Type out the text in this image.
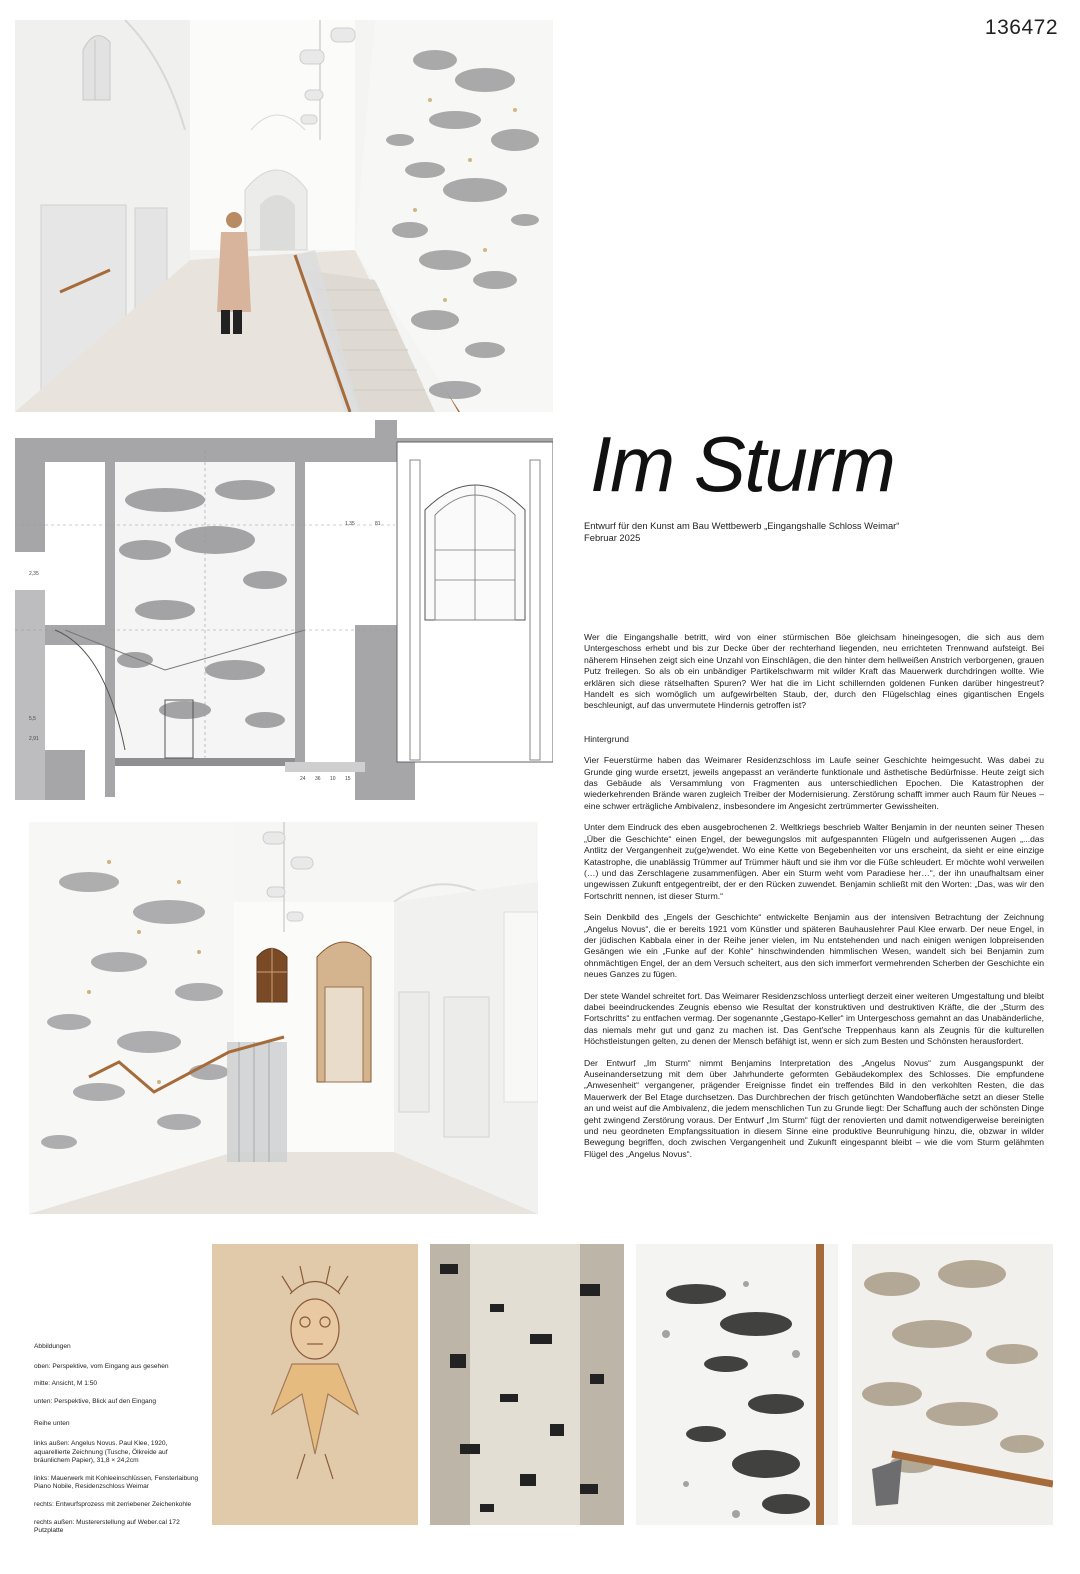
136472
1,35	81
2,35
5,5
2,91
24 36 10 15
Im Sturm
Entwurf für den Kunst am Bau Wettbewerb „Eingangshalle Schloss Weimar“
Februar 2025

Wer die Eingangshalle betritt, wird von einer stürmischen Böe gleichsam hineingesogen, die sich aus dem Untergeschoss erhebt und bis zur Decke über der rechterhand liegenden, neu errichteten Trennwand aufsteigt. Bei näherem Hinsehen zeigt sich eine Unzahl von Einschlägen, die den hinter dem hellweißen Anstrich verborgenen, grauen Putz freilegen. So als ob ein unbändiger Partikelschwarm mit wilder Kraft das Mauerwerk durchdringen wollte. Wie erklären sich diese rätselhaften Spuren? Wer hat die im Licht schillernden goldenen Funken darüber hingestreut? Handelt es sich womöglich um aufgewirbelten Staub, der, durch den Flügelschlag eines gigantischen Engels beschleunigt, auf das unvermutete Hindernis getroffen ist?

Hintergrund

Vier Feuerstürme haben das Weimarer Residenzschloss im Laufe seiner Geschichte heimgesucht. Was dabei zu Grunde ging wurde ersetzt, jeweils angepasst an veränderte funktionale und ästhetische Bedürfnisse. Heute zeigt sich das Gebäude als Versammlung von Fragmenten aus unterschiedlichen Epochen. Die Katastrophen der wiederkehrenden Brände waren zugleich Treiber der Modernisierung. Zerstörung schafft immer auch Raum für Neues – eine schwer erträgliche Ambivalenz, insbesondere im Angesicht zertrümmerter Gewissheiten.

Unter dem Eindruck des eben ausgebrochenen 2. Weltkriegs beschrieb Walter Benjamin in der neunten seiner Thesen „Über die Geschichte“ einen Engel, der bewegungslos mit aufgespannten Flügeln und aufgerissenen Augen „...das Antlitz der Vergangenheit zu(ge)wendet. Wo eine Kette von Begebenheiten vor uns erscheint, da sieht er eine einzige Katastrophe, die unablässig Trümmer auf Trümmer häuft und sie ihm vor die Füße schleudert. Er möchte wohl verweilen (…) und das Zerschlagene zusammenfügen. Aber ein Sturm weht vom Paradiese her…“, der ihn unaufhaltsam einer ungewissen Zukunft entgegentreibt, der er den Rücken zuwendet. Benjamin schließt mit den Worten: „Das, was wir den Fortschritt nennen, ist dieser Sturm.“

Sein Denkbild des „Engels der Geschichte“ entwickelte Benjamin aus der intensiven Betrachtung der Zeichnung „Angelus Novus“, die er bereits 1921 vom Künstler und späteren Bauhauslehrer Paul Klee erwarb. Der neue Engel, in der jüdischen Kabbala einer in der Reihe jener vielen, im Nu entstehenden und nach einigen wenigen lobpreisenden Gesängen wie ein „Funke auf der Kohle“ hinschwindenden himmlischen Wesen, wandelt sich bei Benjamin zum ohnmächtigen Engel, der an dem Versuch scheitert, aus den sich immerfort vermehrenden Scherben der Geschichte ein neues Ganzes zu fügen.

Der stete Wandel schreitet fort. Das Weimarer Residenzschloss unterliegt derzeit einer weiteren Umgestaltung und bleibt dabei beeindruckendes Zeugnis ebenso wie Resultat der konstruktiven und destruktiven Kräfte, die der „Sturm des Fortschritts“ zu entfachen vermag. Der sogenannte „Gestapo-Keller“ im Untergeschoss gemahnt an das Unabänderliche, das niemals mehr gut und ganz zu machen ist. Das Gent'sche Treppenhaus kann als Zeugnis für die kulturellen Höchstleistungen gelten, zu denen der Mensch befähigt ist, wenn er sich zum Besten und Schönsten herausfordert.

Der Entwurf „Im Sturm“ nimmt Benjamins Interpretation des „Angelus Novus“ zum Ausgangspunkt der Auseinandersetzung mit dem über Jahrhunderte geformten Gebäudekomplex des Schlosses. Die empfundene „Anwesenheit“ vergangener, prägender Ereignisse findet ein treffendes Bild in den verkohlten Resten, die das Mauerwerk der Bel Etage durchsetzen. Das Durchbrechen der frisch getünchten Wandoberfläche setzt an dieser Stelle an und weist auf die Ambivalenz, die jedem menschlichen Tun zu Grunde liegt: Der Schaffung auch der schönsten Dinge geht zwingend Zerstörung voraus. Der Entwurf „Im Sturm“ fügt der renovierten und damit notwendigerweise bereinigten und neu geordneten Empfangssituation in diesem Sinne eine produktive Beunruhigung hinzu, die, obzwar in wilder Bewegung begriffen, doch zwischen Vergangenheit und Zukunft eingespannt bleibt – wie die vom Sturm gelähmten Flügel des „Angelus Novus“.

Abbildungen

oben: Perspektive, vom Eingang aus gesehen

mitte: Ansicht, M 1:50

unten: Perspektive, Blick auf den Eingang

Reihe unten

links außen: Angelus Novus. Paul Klee, 1920, aquarellierte Zeichnung (Tusche, Ölkreide auf bräunlichem Papier), 31,8 × 24,2cm

links: Mauerwerk mit Kohleeinschlüssen, Fensterlaibung Piano Nobile, Residenzschloss Weimar

rechts: Entwurfsprozess mit zerriebener Zeichenkohle

rechts außen: Mustererstellung auf Weber.cal 172 Putzplatte
